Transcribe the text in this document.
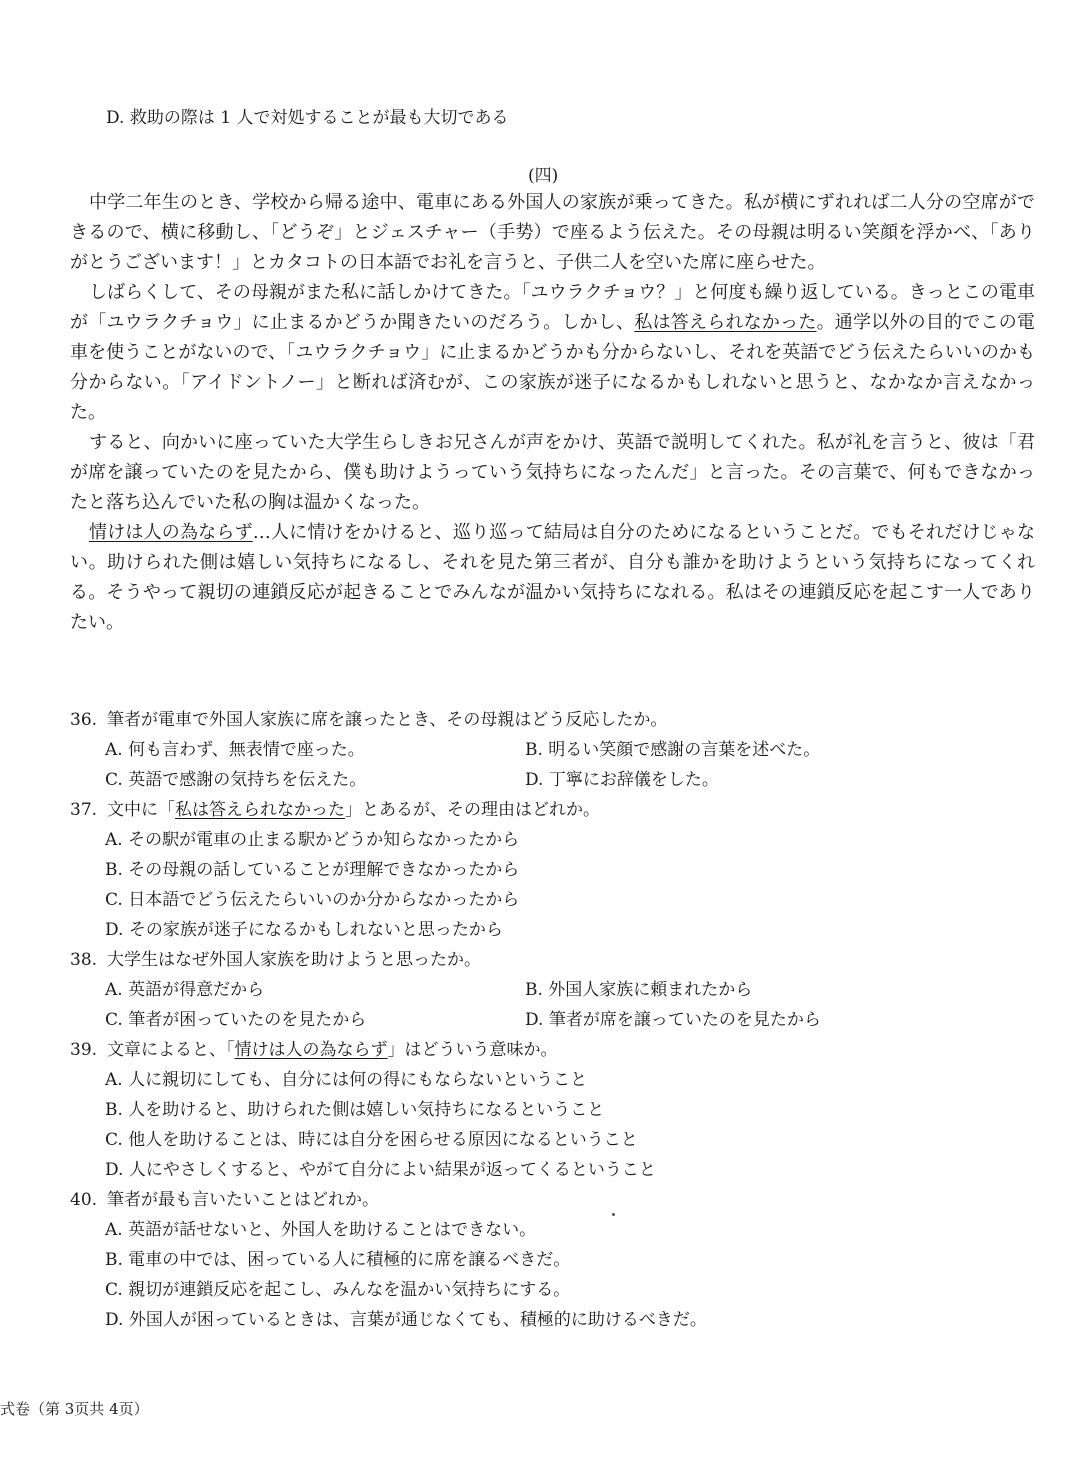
D. 救助の際は 1 人で対処することが最も大切である
(四)

中学二年生のとき、学校から帰る途中、電車にある外国人の家族が乗ってきた。私が横にずれれば二人分の空席ができるので、横に移動し、「どうぞ」とジェスチャー（手势）で座るよう伝えた。その母親は明るい笑顔を浮かべ、「ありがとうございます！」とカタコトの日本語でお礼を言うと、子供二人を空いた席に座らせた。

しばらくして、その母親がまた私に話しかけてきた。「ユウラクチョウ？」と何度も繰り返している。きっとこの電車が「ユウラクチョウ」に止まるかどうか聞きたいのだろう。しかし、私は答えられなかった。通学以外の目的でこの電車を使うことがないので、「ユウラクチョウ」に止まるかどうかも分からないし、それを英語でどう伝えたらいいのかも分からない。「アイドントノー」と断れば済むが、この家族が迷子になるかもしれないと思うと、なかなか言えなかった。

すると、向かいに座っていた大学生らしきお兄さんが声をかけ、英語で説明してくれた。私が礼を言うと、彼は「君が席を譲っていたのを見たから、僕も助けようっていう気持ちになったんだ」と言った。その言葉で、何もできなかったと落ち込んでいた私の胸は温かくなった。

情けは人の為ならず…人に情けをかけると、巡り巡って結局は自分のためになるということだ。でもそれだけじゃない。助けられた側は嬉しい気持ちになるし、それを見た第三者が、自分も誰かを助けようという気持ちになってくれる。そうやって親切の連鎖反応が起きることでみんなが温かい気持ちになれる。私はその連鎖反応を起こす一人でありたい。

36. 筆者が電車で外国人家族に席を譲ったとき、その母親はどう反応したか。
A. 何も言わず、無表情で座った。	B. 明るい笑顔で感謝の言葉を述べた。
C. 英語で感謝の気持ちを伝えた。	D. 丁寧にお辞儀をした。
37. 文中に「私は答えられなかった」とあるが、その理由はどれか。
A. その駅が電車の止まる駅かどうか知らなかったから
B. その母親の話していることが理解できなかったから
C. 日本語でどう伝えたらいいのか分からなかったから
D. その家族が迷子になるかもしれないと思ったから
38. 大学生はなぜ外国人家族を助けようと思ったか。
A. 英語が得意だから	B. 外国人家族に頼まれたから
C. 筆者が困っていたのを見たから	D. 筆者が席を譲っていたのを見たから
39. 文章によると、「情けは人の為ならず」はどういう意味か。
A. 人に親切にしても、自分には何の得にもならないということ
B. 人を助けると、助けられた側は嬉しい気持ちになるということ
C. 他人を助けることは、時には自分を困らせる原因になるということ
D. 人にやさしくすると、やがて自分によい結果が返ってくるということ
40. 筆者が最も言いたいことはどれか。
A. 英語が話せないと、外国人を助けることはできない。
B. 電車の中では、困っている人に積極的に席を譲るべきだ。
C. 親切が連鎖反応を起こし、みんなを温かい気持ちにする。
D. 外国人が困っているときは、言葉が通じなくても、積極的に助けるべきだ。
式卷（第 3页共 4页）
